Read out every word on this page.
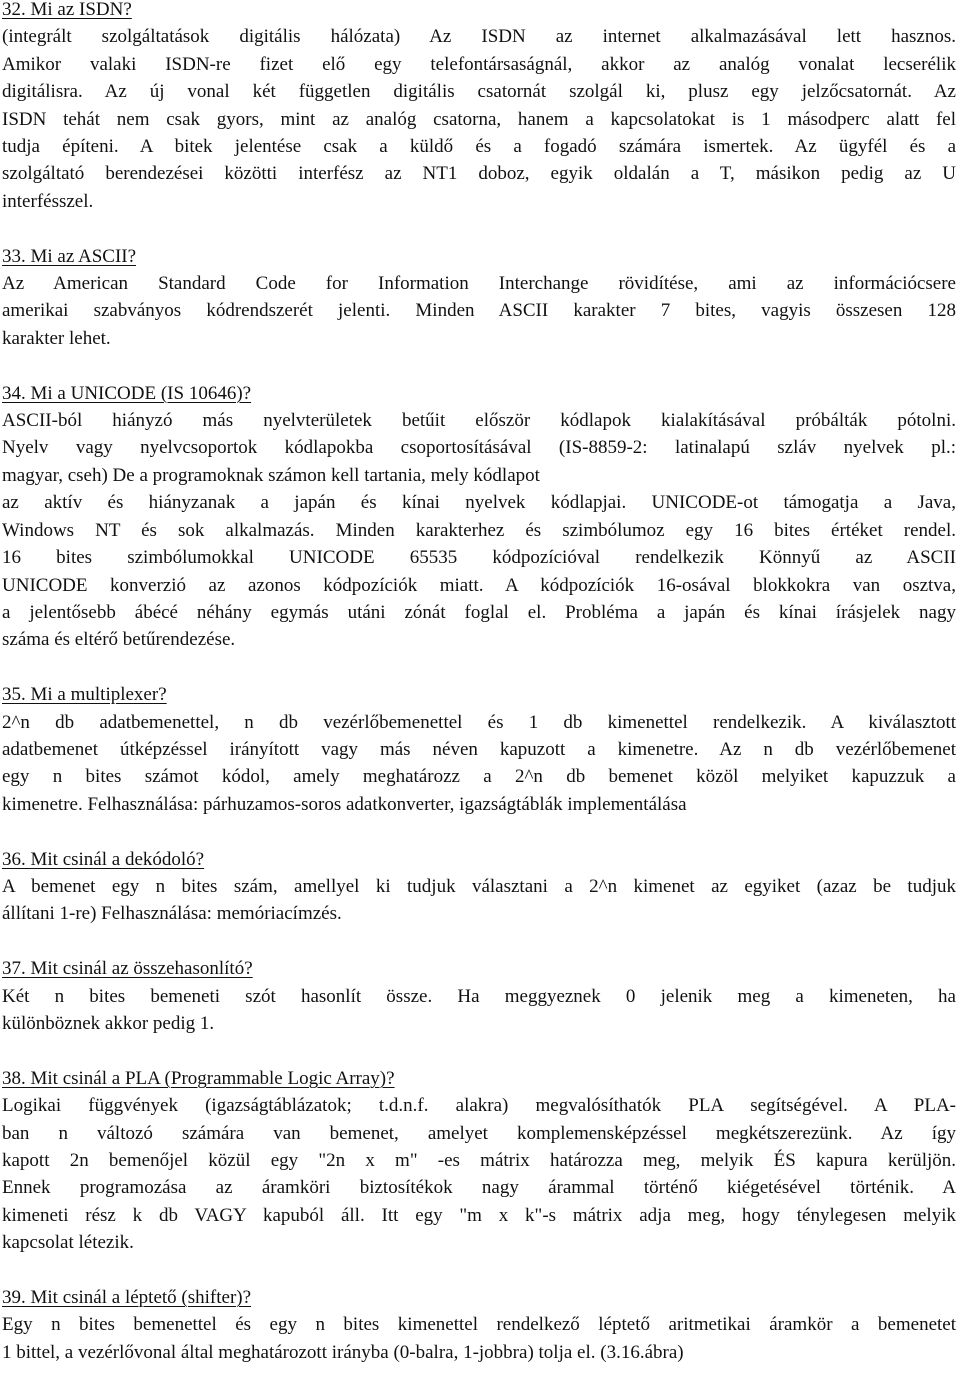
32. Mi az ISDN?
(integrált szolgáltatások digitális hálózata) Az ISDN az internet alkalmazásával lett hasznos.
Amikor valaki ISDN-re fizet elő egy telefontársaságnál, akkor az analóg vonalat lecserélik
digitálisra. Az új vonal két független digitális csatornát szolgál ki, plusz egy jelzőcsatornát. Az
ISDN tehát nem csak gyors, mint az analóg csatorna, hanem a kapcsolatokat is 1 másodperc alatt fel
tudja építeni. A bitek jelentése csak a küldő és a fogadó számára ismertek. Az ügyfél és a
szolgáltató berendezései közötti interfész az NT1 doboz, egyik oldalán a T, másikon pedig az U
interfésszel.
33. Mi az ASCII?
Az American Standard Code for Information Interchange rövidítése, ami az információcsere
amerikai szabványos kódrendszerét jelenti. Minden ASCII karakter 7 bites, vagyis összesen 128
karakter lehet.
34. Mi a UNICODE (IS 10646)?
ASCII-ból hiányzó más nyelvterületek betűit először kódlapok kialakításával próbálták pótolni.
Nyelv vagy nyelvcsoportok kódlapokba csoportosításával (IS-8859-2: latinalapú szláv nyelvek pl.:
magyar, cseh) De a programoknak számon kell tartania, mely kódlapot
az aktív és hiányzanak a japán és kínai nyelvek kódlapjai. UNICODE-ot támogatja a Java,
Windows NT és sok alkalmazás. Minden karakterhez és szimbólumoz egy 16 bites értéket rendel.
16 bites szimbólumokkal UNICODE 65535 kódpozícióval rendelkezik Könnyű az ASCII
UNICODE konverzió az azonos kódpozíciók miatt. A kódpozíciók 16-osával blokkokra van osztva,
a jelentősebb ábécé néhány egymás utáni zónát foglal el. Probléma a japán és kínai írásjelek nagy
száma és eltérő betűrendezése.
35. Mi a multiplexer?
2^n db adatbemenettel, n db vezérlőbemenettel és 1 db kimenettel rendelkezik. A kiválasztott
adatbemenet útképzéssel irányított vagy más néven kapuzott a kimenetre. Az n db vezérlőbemenet
egy n bites számot kódol, amely meghatározz a 2^n db bemenet közöl melyiket kapuzzuk a
kimenetre. Felhasználása: párhuzamos-soros adatkonverter, igazságtáblák implementálása
36. Mit csinál a dekódoló?
A bemenet egy n bites szám, amellyel ki tudjuk választani a 2^n kimenet az egyiket (azaz be tudjuk
állítani 1-re) Felhasználása: memóriacímzés.
37. Mit csinál az összehasonlító?
Két n bites bemeneti szót hasonlít össze. Ha meggyeznek 0 jelenik meg a kimeneten, ha
különböznek akkor pedig 1.
38. Mit csinál a PLA (Programmable Logic Array)?
Logikai függvények (igazságtáblázatok; t.d.n.f. alakra) megvalósíthatók PLA segítségével. A PLA-
ban n változó számára van bemenet, amelyet komplemensképzéssel megkétszerezünk. Az így
kapott 2n bemenőjel közül egy "2n x m" -es mátrix határozza meg, melyik ÉS kapura kerüljön.
Ennek programozása az áramköri biztosítékok nagy árammal történő kiégetésével történik. A
kimeneti rész k db VAGY kapuból áll. Itt egy "m x k"-s mátrix adja meg, hogy ténylegesen melyik
kapcsolat létezik.
39. Mit csinál a léptető (shifter)?
Egy n bites bemenettel és egy n bites kimenettel rendelkező léptető aritmetikai áramkör a bemenetet
1 bittel, a vezérlővonal által meghatározott irányba (0-balra, 1-jobbra) tolja el. (3.16.ábra)
